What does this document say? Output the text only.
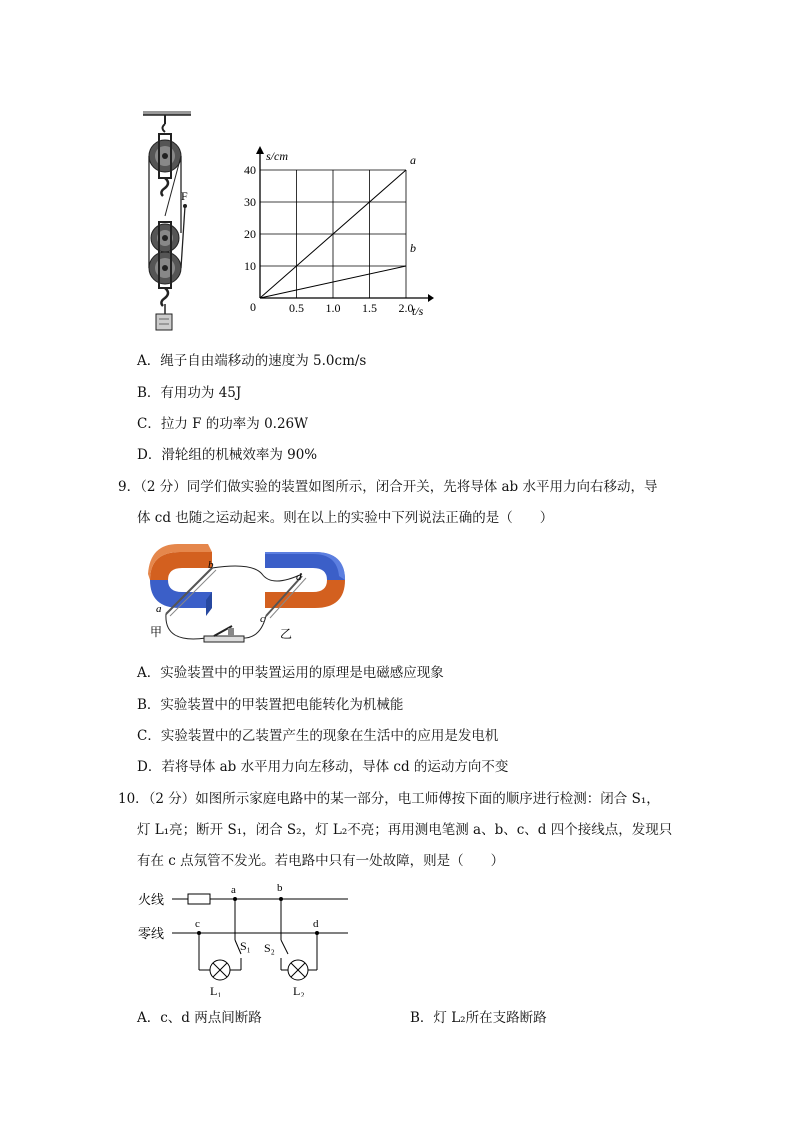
F
0.5 1.0 1.5 2.0
10
20
30
40
a
b
s/cm
t/s
0
A．绳子自由端移动的速度为 5.0cm/s
B．有用功为 45J
C．拉力 F 的功率为 0.26W
D．滑轮组的机械效率为 90%
9．（2 分）同学们做实验的装置如图所示，闭合开关，先将导体 ab 水平用力向右移动，导
体 cd 也随之运动起来。则在以上的实验中下列说法正确的是（　　）
b
a
d
c
甲	乙
A．实验装置中的甲装置运用的原理是电磁感应现象
B．实验装置中的甲装置把电能转化为机械能
C．实验装置中的乙装置产生的现象在生活中的应用是发电机
D．若将导体 ab 水平用力向左移动，导体 cd 的运动方向不变
10．（2 分）如图所示家庭电路中的某一部分，电工师傅按下面的顺序进行检测：闭合 S₁，
灯 L₁亮；断开 S₁，闭合 S₂，灯 L₂不亮；再用测电笔测 a、b、c、d 四个接线点，发现只
有在 c 点氖管不发光。若电路中只有一处故障，则是（　　）
火线
零线
a	b
c	d
S₁
L₁
S₂
L₂
A．c、d 两点间断路	B．灯 L₂所在支路断路
